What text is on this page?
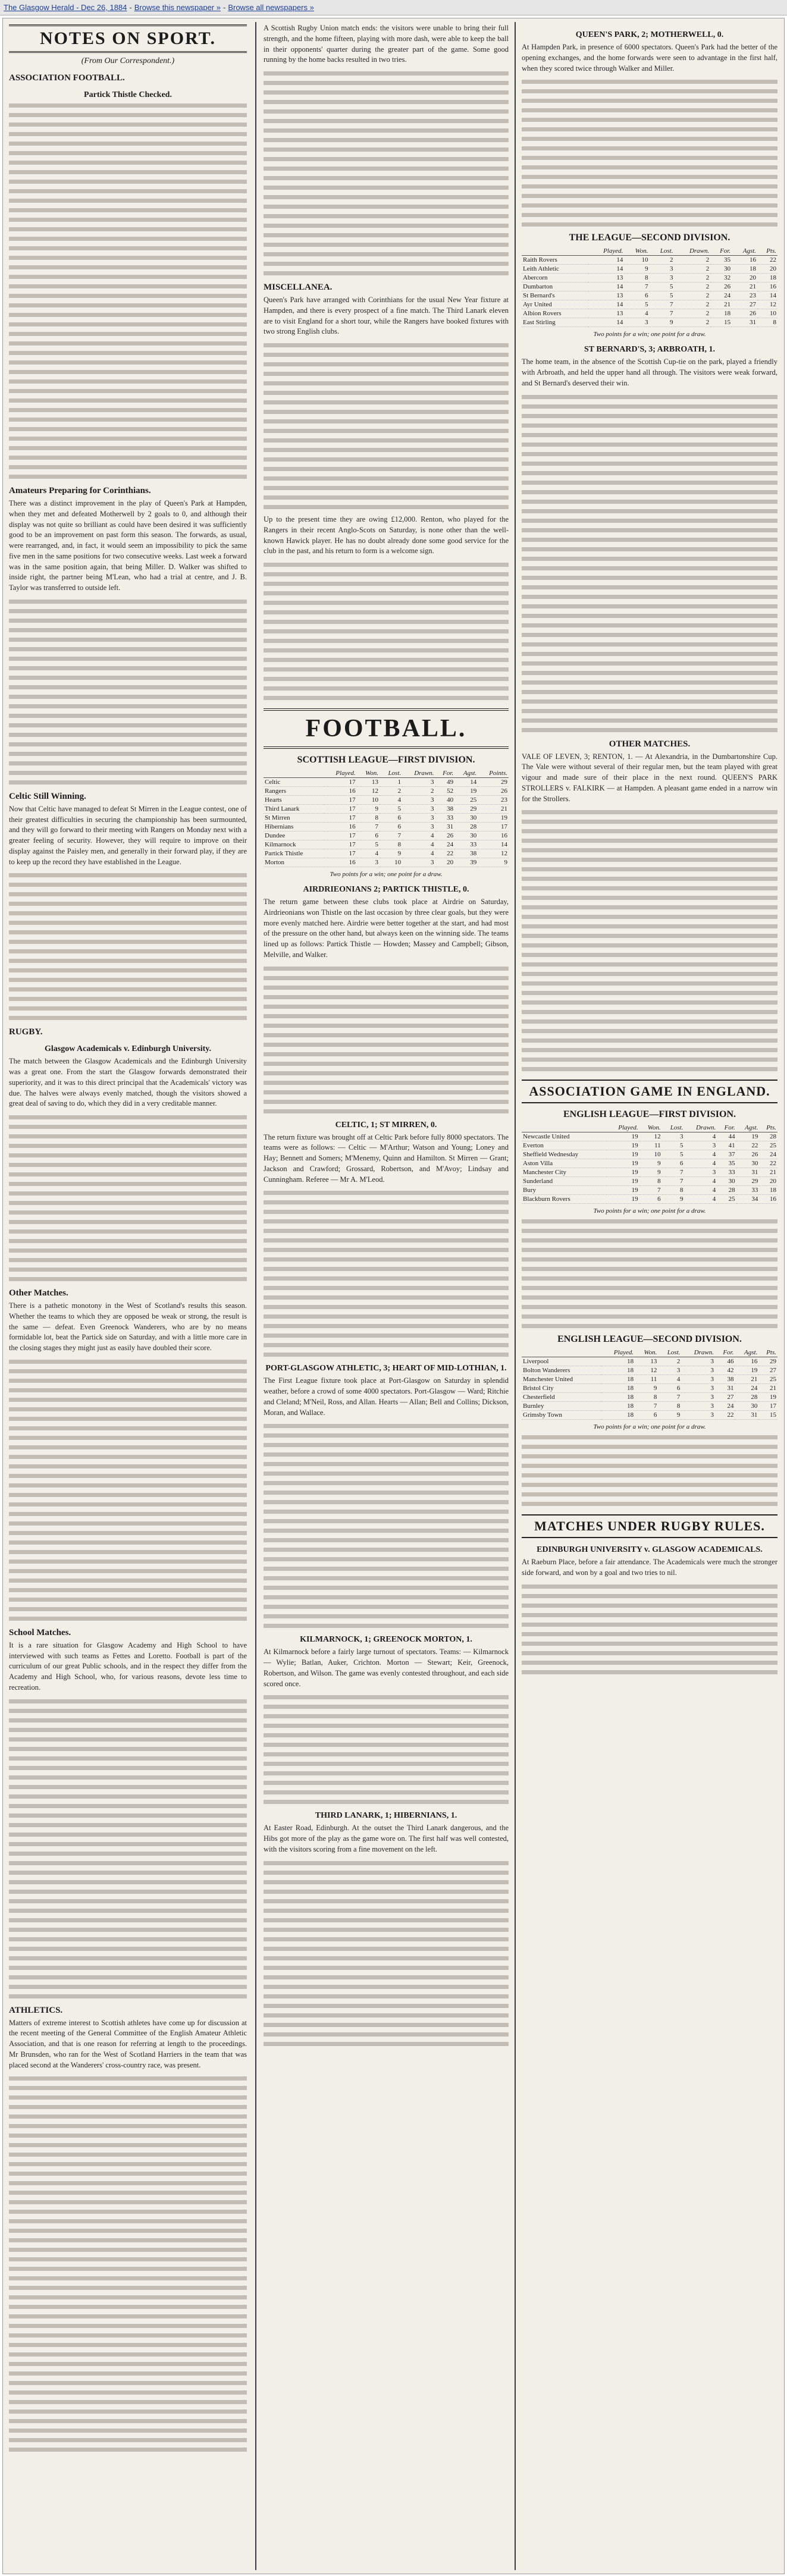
The Glasgow Herald - Dec 26, 1884 - Browse this newspaper » - Browse all newspapers »
NOTES ON SPORT.
(From Our Correspondent.)
ASSOCIATION FOOTBALL.
Partick Thistle Checked.
Amateurs Preparing for Corinthians.

There was a distinct improvement in the play of Queen's Park at Hampden, when they met and defeated Motherwell by 2 goals to 0, and although their display was not quite so brilliant as could have been desired it was sufficiently good to be an improvement on past form this season. The forwards, as usual, were rearranged, and, in fact, it would seem an impossibility to pick the same five men in the same positions for two consecutive weeks. Last week a forward was in the same position again, that being Miller. D. Walker was shifted to inside right, the partner being M'Lean, who had a trial at centre, and J. B. Taylor was transferred to outside left.

Celtic Still Winning.

Now that Celtic have managed to defeat St Mirren in the League contest, one of their greatest difficulties in securing the championship has been surmounted, and they will go forward to their meeting with Rangers on Monday next with a greater feeling of security. However, they will require to improve on their display against the Paisley men, and generally in their forward play, if they are to keep up the record they have established in the League.

RUGBY.
Glasgow Academicals v. Edinburgh University.

The match between the Glasgow Academicals and the Edinburgh University was a great one. From the start the Glasgow forwards demonstrated their superiority, and it was to this direct principal that the Academicals' victory was due. The halves were always evenly matched, though the visitors showed a great deal of saving to do, which they did in a very creditable manner.

Other Matches.

There is a pathetic monotony in the West of Scotland's results this season. Whether the teams to which they are opposed be weak or strong, the result is the same — defeat. Even Greenock Wanderers, who are by no means formidable lot, beat the Partick side on Saturday, and with a little more care in the closing stages they might just as easily have doubled their score.

School Matches.

It is a rare situation for Glasgow Academy and High School to have interviewed with such teams as Fettes and Loretto. Football is part of the curriculum of our great Public schools, and in the respect they differ from the Academy and High School, who, for various reasons, devote less time to recreation.

ATHLETICS.

Matters of extreme interest to Scottish athletes have come up for discussion at the recent meeting of the General Committee of the English Amateur Athletic Association, and that is one reason for referring at length to the proceedings. Mr Brunsden, who ran for the West of Scotland Harriers in the team that was placed second at the Wanderers' cross-country race, was present.

A Scottish Rugby Union match ends: the visitors were unable to bring their full strength, and the home fifteen, playing with more dash, were able to keep the ball in their opponents' quarter during the greater part of the game. Some good running by the home backs resulted in two tries.

MISCELLANEA.

Queen's Park have arranged with Corinthians for the usual New Year fixture at Hampden, and there is every prospect of a fine match. The Third Lanark eleven are to visit England for a short tour, while the Rangers have booked fixtures with two strong English clubs.

Up to the present time they are owing £12,000. Renton, who played for the Rangers in their recent Anglo-Scots on Saturday, is none other than the well-known Hawick player. He has no doubt already done some good service for the club in the past, and his return to form is a welcome sign.

FOOTBALL.
SCOTTISH LEAGUE—FIRST DIVISION.
	Played.	Won.	Lost.	Drawn.	For.	Agst.	Points.
Celtic	17	13	1	3	49	14	29
Rangers	16	12	2	2	52	19	26
Hearts	17	10	4	3	40	25	23
Third Lanark	17	9	5	3	38	29	21
St Mirren	17	8	6	3	33	30	19
Hibernians	16	7	6	3	31	28	17
Dundee	17	6	7	4	26	30	16
Kilmarnock	17	5	8	4	24	33	14
Partick Thistle	17	4	9	4	22	38	12
Morton	16	3	10	3	20	39	9
Two points for a win; one point for a draw.
AIRDRIEONIANS 2; PARTICK THISTLE, 0.

The return game between these clubs took place at Airdrie on Saturday, Airdrieonians won Thistle on the last occasion by three clear goals, but they were more evenly matched here. Airdrie were better together at the start, and had most of the pressure on the other hand, but always keen on the winning side. The teams lined up as follows: Partick Thistle — Howden; Massey and Campbell; Gibson, Melville, and Walker.

CELTIC, 1; ST MIRREN, 0.

The return fixture was brought off at Celtic Park before fully 8000 spectators. The teams were as follows: — Celtic — M'Arthur; Watson and Young; Loney and Hay; Bennett and Somers; M'Menemy, Quinn and Hamilton. St Mirren — Grant; Jackson and Crawford; Grossard, Robertson, and M'Avoy; Lindsay and Cunningham. Referee — Mr A. M'Leod.

PORT-GLASGOW ATHLETIC, 3; HEART OF MID-LOTHIAN, 1.

The First League fixture took place at Port-Glasgow on Saturday in splendid weather, before a crowd of some 4000 spectators. Port-Glasgow — Ward; Ritchie and Cleland; M'Neil, Ross, and Allan. Hearts — Allan; Bell and Collins; Dickson, Moran, and Wallace.

KILMARNOCK, 1; GREENOCK MORTON, 1.

At Kilmarnock before a fairly large turnout of spectators. Teams: — Kilmarnock — Wylie; Batlan, Auker, Crichton. Morton — Stewart; Keir, Greenock, Robertson, and Wilson. The game was evenly contested throughout, and each side scored once.

THIRD LANARK, 1; HIBERNIANS, 1.

At Easter Road, Edinburgh. At the outset the Third Lanark dangerous, and the Hibs got more of the play as the game wore on. The first half was well contested, with the visitors scoring from a fine movement on the left.

QUEEN'S PARK, 2; MOTHERWELL, 0.

At Hampden Park, in presence of 6000 spectators. Queen's Park had the better of the opening exchanges, and the home forwards were seen to advantage in the first half, when they scored twice through Walker and Miller.

THE LEAGUE—SECOND DIVISION.
	Played.	Won.	Lost.	Drawn.	For.	Agst.	Pts.
Raith Rovers	14	10	2	2	35	16	22
Leith Athletic	14	9	3	2	30	18	20
Abercorn	13	8	3	2	32	20	18
Dumbarton	14	7	5	2	26	21	16
St Bernard's	13	6	5	2	24	23	14
Ayr United	14	5	7	2	21	27	12
Albion Rovers	13	4	7	2	18	26	10
East Stirling	14	3	9	2	15	31	8
Two points for a win; one point for a draw.
ST BERNARD'S, 3; ARBROATH, 1.

The home team, in the absence of the Scottish Cup-tie on the park, played a friendly with Arbroath, and held the upper hand all through. The visitors were weak forward, and St Bernard's deserved their win.

OTHER MATCHES.

VALE OF LEVEN, 3; RENTON, 1. — At Alexandria, in the Dumbartonshire Cup. The Vale were without several of their regular men, but the team played with great vigour and made sure of their place in the next round. QUEEN'S PARK STROLLERS v. FALKIRK — at Hampden. A pleasant game ended in a narrow win for the Strollers.

ASSOCIATION GAME IN ENGLAND.
ENGLISH LEAGUE—FIRST DIVISION.
	Played.	Won.	Lost.	Drawn.	For.	Agst.	Pts.
Newcastle United	19	12	3	4	44	19	28
Everton	19	11	5	3	41	22	25
Sheffield Wednesday	19	10	5	4	37	26	24
Aston Villa	19	9	6	4	35	30	22
Manchester City	19	9	7	3	33	31	21
Sunderland	19	8	7	4	30	29	20
Bury	19	7	8	4	28	33	18
Blackburn Rovers	19	6	9	4	25	34	16
Two points for a win; one point for a draw.
ENGLISH LEAGUE—SECOND DIVISION.
	Played.	Won.	Lost.	Drawn.	For.	Agst.	Pts.
Liverpool	18	13	2	3	46	16	29
Bolton Wanderers	18	12	3	3	42	19	27
Manchester United	18	11	4	3	38	21	25
Bristol City	18	9	6	3	31	24	21
Chesterfield	18	8	7	3	27	28	19
Burnley	18	7	8	3	24	30	17
Grimsby Town	18	6	9	3	22	31	15
Two points for a win; one point for a draw.
MATCHES UNDER RUGBY RULES.
EDINBURGH UNIVERSITY v. GLASGOW ACADEMICALS.

At Raeburn Place, before a fair attendance. The Academicals were much the stronger side forward, and won by a goal and two tries to nil.
